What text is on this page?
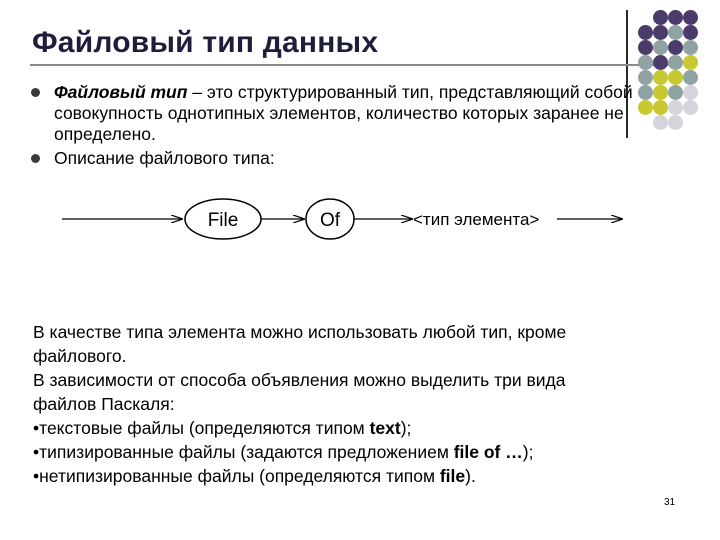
Файловый тип данных
Файловый тип – это структурированный тип, представляющий собой совокупность однотипных элементов, количество которых заранее не определено.
Описание файлового типа:
File	Of	<тип элемента>
В качестве типа элемента можно использовать любой тип, кроме
файлового.
В зависимости от способа объявления можно выделить три вида
файлов Паскаля:
•текстовые файлы (определяются типом text);
•типизированные файлы (задаются предложением file of …);
•нетипизированные файлы (определяются типом file).
31
